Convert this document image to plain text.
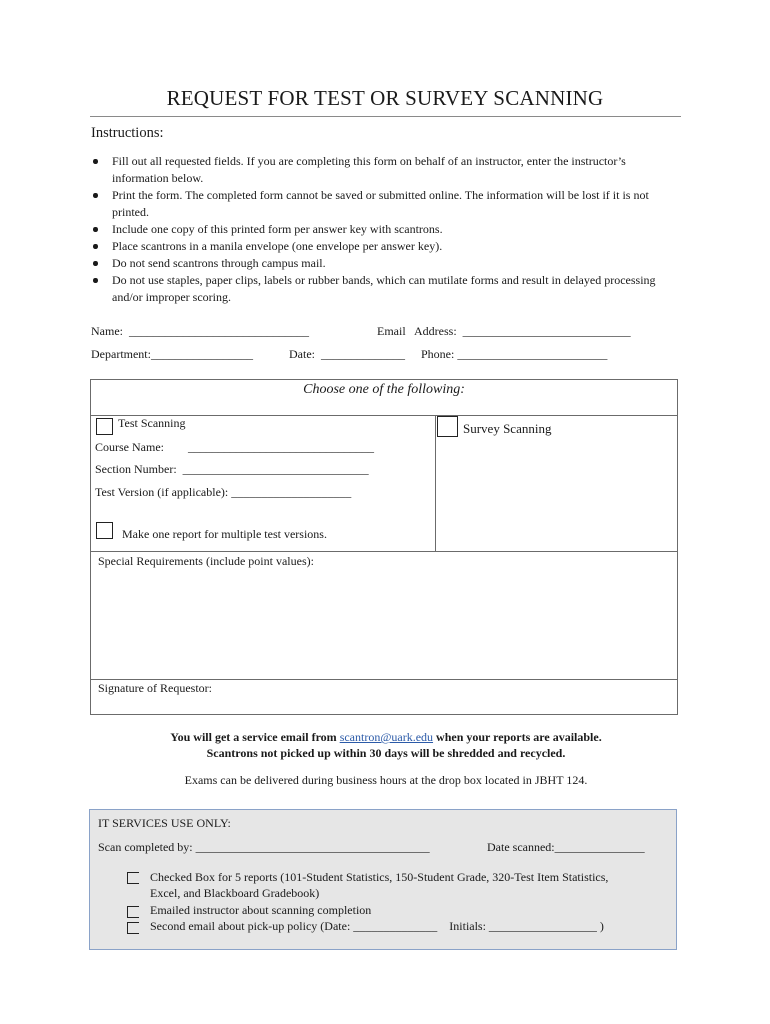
REQUEST FOR TEST OR SURVEY SCANNING
Instructions:
Fill out all requested fields. If you are completing this form on behalf of an instructor, enter the instructor’s information below.
Print the form. The completed form cannot be saved or submitted online. The information will be lost if it is not printed.
Include one copy of this printed form per answer key with scantrons.
Place scantrons in a manila envelope (one envelope per answer key).
Do not send scantrons through campus mail.
Do not use staples, paper clips, labels or rubber bands, which can mutilate forms and result in delayed processing and/or improper scoring.
Name:  ______________________________	Email   Address:  ____________________________
Department:_________________	Date:  ______________ Phone: _________________________
Choose one of the following:
Test Scanning
Course Name:        _______________________________
Section Number:  _______________________________
Test Version (if applicable): ____________________
Make one report for multiple test versions.
Survey Scanning
Special Requirements (include point values):
Signature of Requestor:
You will get a service email from scantron@uark.edu when your reports are available.
Scantrons not picked up within 30 days will be shredded and recycled.
Exams can be delivered during business hours at the drop box located in JBHT 124.
IT SERVICES USE ONLY:
Scan completed by: _______________________________________	Date scanned:_______________
Checked Box for 5 reports (101-Student Statistics, 150-Student Grade, 320-Test Item Statistics,
Excel, and Blackboard Gradebook)
Emailed instructor about scanning completion
Second email about pick-up policy (Date: ______________    Initials: __________________ )
